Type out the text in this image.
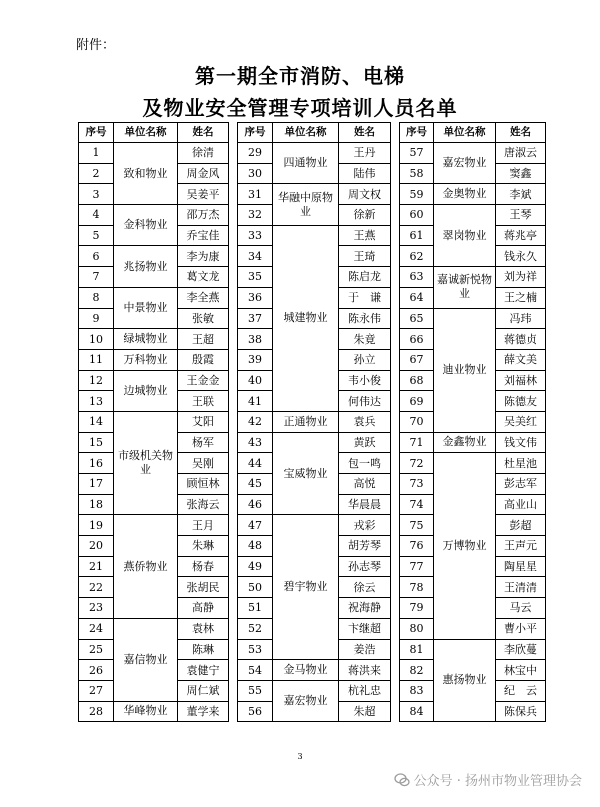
附件：
第一期全市消防、电梯
及物业安全管理专项培训人员名单
序号	单位名称	姓名
1	致和物业	徐清
2		周金风
3		吴姜平
4	金科物业	邵万杰
5		乔宝佳
6	兆扬物业	李为康
7		葛文龙
8	中景物业	李全燕
9		张敏
10	绿城物业	王超
11	万科物业	殷霞
12	边城物业	王金金
13		王联
14	市级机关物业	艾阳
15		杨军
16		吴刚
17		顾恒林
18		张海云
19	燕侨物业	王月
20		朱琳
21		杨春
22		张胡民
23		高静
24	嘉信物业	袁林
25		陈琳
26		袁健宁
27		周仁斌
28	华峰物业	董学来
序号	单位名称	姓名
29	四通物业	王丹
30		陆伟
31	华融中原物业	周文权
32		徐新
33	城建物业	王燕
34		王琦
35		陈启龙
36		于　谦
37		陈永伟
38		朱竟
39		孙立
40		韦小俊
41		何伟达
42	正通物业	袁兵
43	宝威物业	黄跃
44		包一鸣
45		高悦
46		华晨晨
47	碧宇物业	戎彩
48		胡芳琴
49		孙志琴
50		徐云
51		祝海静
52		卞继超
53		姜浩
54	金马物业	蒋洪来
55	嘉宏物业	杭礼忠
56		朱超
序号	单位名称	姓名
57	嘉宏物业	唐淑云
58		窦鑫
59	金奥物业	李斌
60	翠岗物业	王琴
61		蒋兆亭
62		钱永久
63	嘉诚新悦物业	刘为祥
64		王之楠
65	迪业物业	冯玮
66		蒋德贞
67		薛文美
68		刘福林
69		陈德友
70		吴美红
71	金鑫物业	钱文伟
72	万博物业	杜星池
73		彭志军
74		高业山
75		彭超
76		王声元
77		陶星星
78		王清清
79		马云
80		曹小平
81	惠扬物业	李欣蔓
82		林宝中
83		纪　云
84		陈保兵
3
公众号 · 扬州市物业管理协会
